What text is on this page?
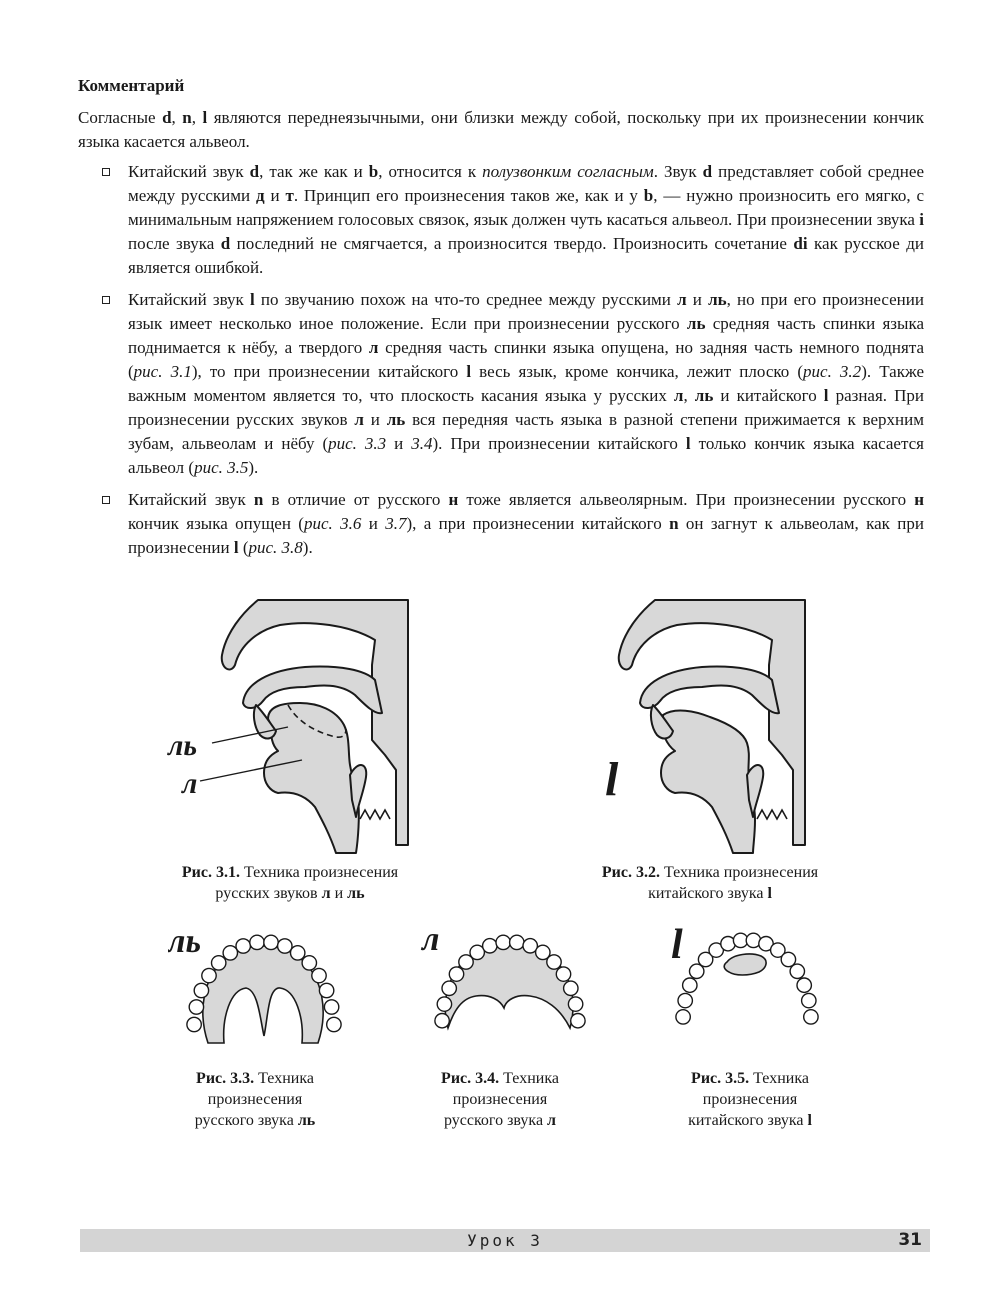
Комментарий
Согласные d, n, l являются переднеязычными, они близки между собой, поскольку при их произнесении кончик языка касается альвеол.
Китайский звук d, так же как и b, относится к полузвонким согласным. Звук d представляет собой среднее между русскими д и т. Принцип его произнесения таков же, как и у b, — нужно произносить его мягко, с минимальным напряжением голосовых связок, язык должен чуть касаться альвеол. При произнесении звука i после звука d последний не смягчается, а произносится твердо. Произносить сочетание di как русское ди является ошибкой.
Китайский звук l по звучанию похож на что-то среднее между русскими л и ль, но при его произнесении язык имеет несколько иное положение. Если при произнесении русского ль средняя часть спинки языка поднимается к нёбу, а твердого л средняя часть спинки языка опущена, но задняя часть немного поднята (рис. 3.1), то при произнесении китайского l весь язык, кроме кончика, лежит плоско (рис. 3.2). Также важным моментом является то, что плоскость касания языка у русских л, ль и китайского l разная. При произнесении русских звуков л и ль вся передняя часть языка в разной степени прижимается к верхним зубам, альвеолам и нёбу (рис. 3.3 и 3.4). При произнесении китайского l только кончик языка касается альвеол (рис. 3.5).
Китайский звук n в отличие от русского н тоже является альвеолярным. При произнесении русского н кончик языка опущен (рис. 3.6 и 3.7), а при произнесении китайского n он загнут к альвеолам, как при произнесении l (рис. 3.8).
ль
л	l
Рис. 3.1. Техника произнесения
русских звуков л и ль
Рис. 3.2. Техника произнесения
китайского звука l
ль	л	l
Рис. 3.3. Техника
произнесения
русского звука ль
Рис. 3.4. Техника
произнесения
русского звука л
Рис. 3.5. Техника
произнесения
китайского звука l
Урок 3	31
